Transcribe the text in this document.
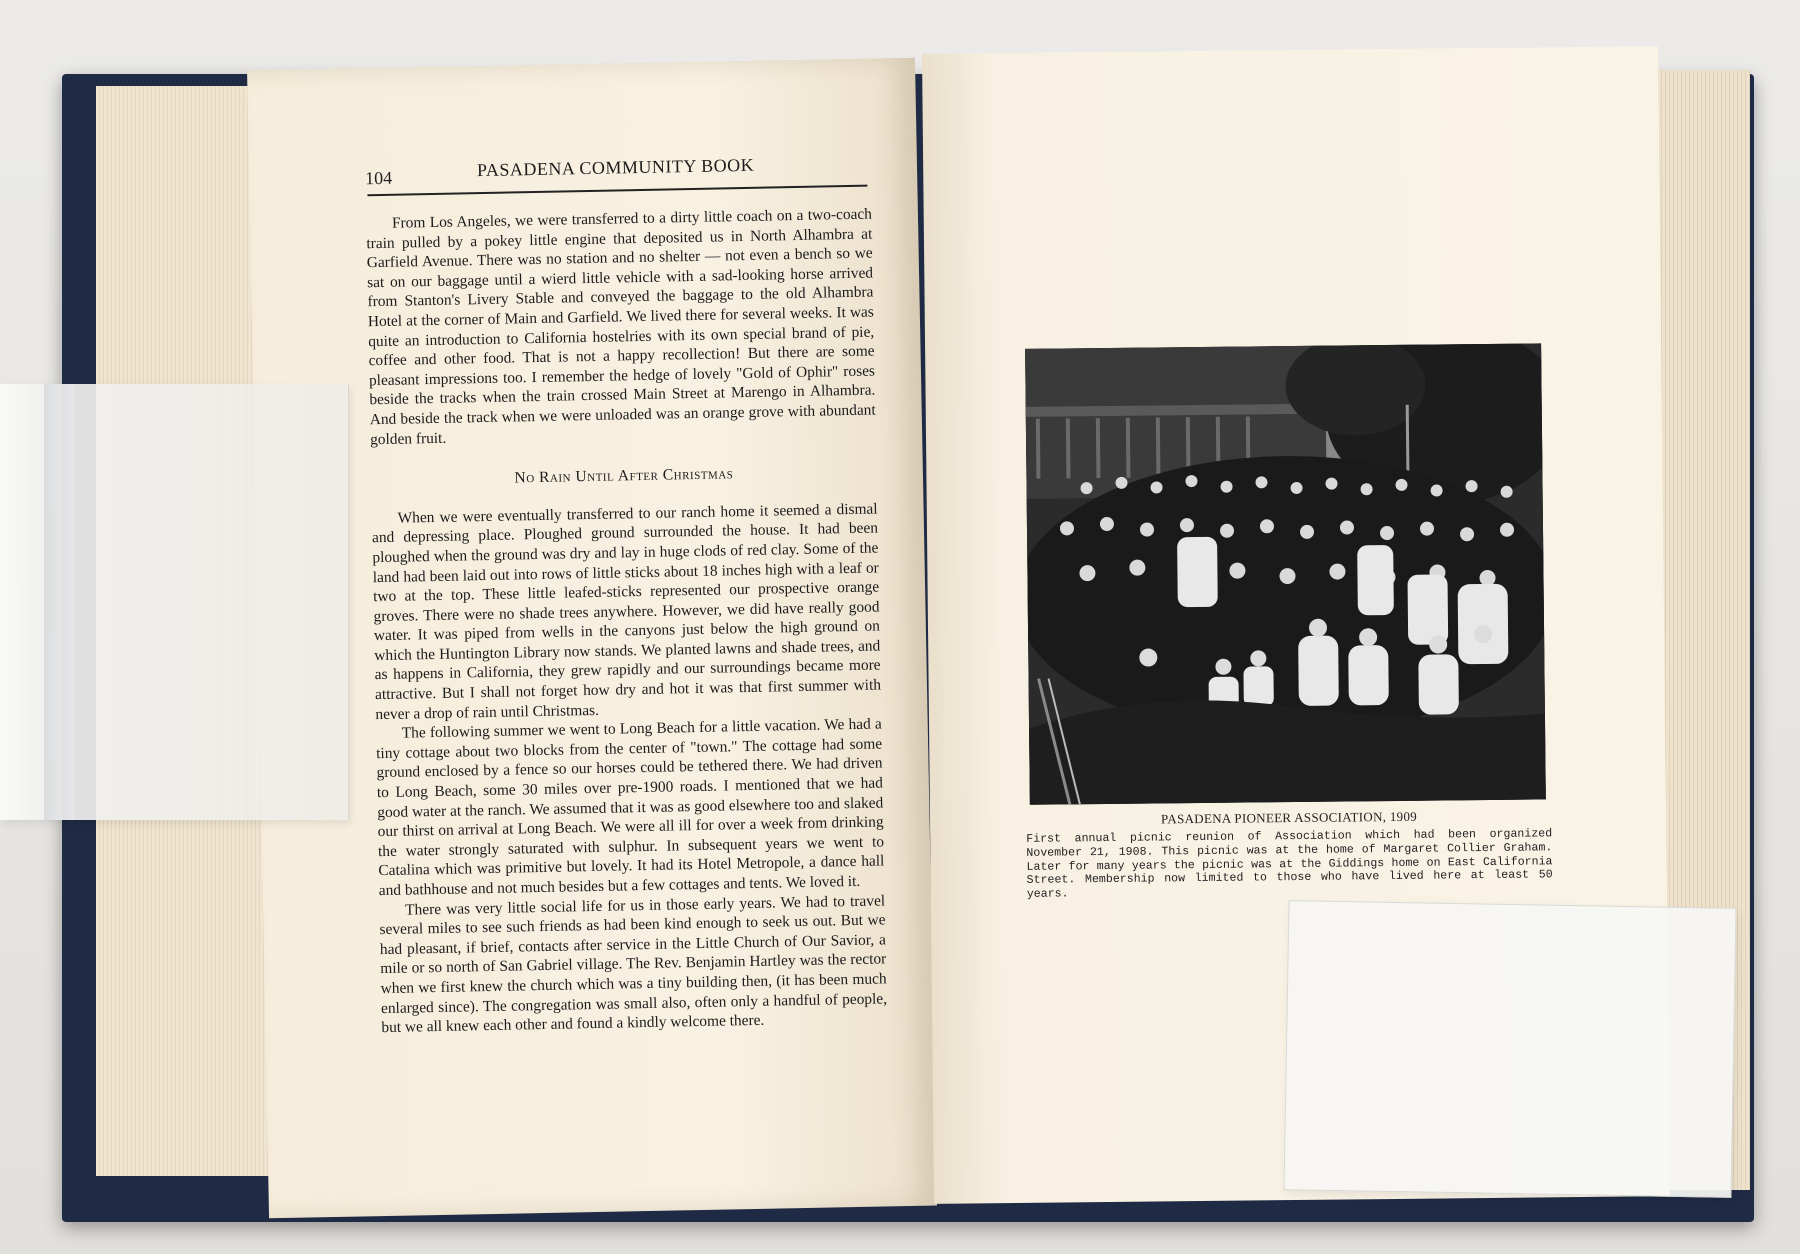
104	PASADENA COMMUNITY BOOK

From Los Angeles, we were transferred to a dirty little coach on a two-coach train pulled by a pokey little engine that deposited us in North Alhambra at Garfield Avenue. There was no station and no shelter — not even a bench so we sat on our baggage until a wierd little vehicle with a sad-looking horse arrived from Stanton's Livery Stable and conveyed the baggage to the old Alhambra Hotel at the corner of Main and Garfield. We lived there for several weeks. It was quite an introduction to California hostelries with its own special brand of pie, coffee and other food. That is not a happy recollection! But there are some pleasant impressions too. I remember the hedge of lovely "Gold of Ophir" roses beside the tracks when the train crossed Main Street at Marengo in Alhambra. And beside the track when we were unloaded was an orange grove with abundant golden fruit.

No Rain Until After Christmas

When we were eventually transferred to our ranch home it seemed a dismal and depressing place. Ploughed ground surrounded the house. It had been ploughed when the ground was dry and lay in huge clods of red clay. Some of the land had been laid out into rows of little sticks about 18 inches high with a leaf or two at the top. These little leafed-sticks represented our prospective orange groves. There were no shade trees anywhere. However, we did have really good water. It was piped from wells in the canyons just below the high ground on which the Huntington Library now stands. We planted lawns and shade trees, and as happens in California, they grew rapidly and our surroundings became more attractive. But I shall not forget how dry and hot it was that first summer with never a drop of rain until Christmas.

The following summer we went to Long Beach for a little vacation. We had a tiny cottage about two blocks from the center of "town." The cottage had some ground enclosed by a fence so our horses could be tethered there. We had driven to Long Beach, some 30 miles over pre-1900 roads. I mentioned that we had good water at the ranch. We assumed that it was as good elsewhere too and slaked our thirst on arrival at Long Beach. We were all ill for over a week from drinking the water strongly saturated with sulphur. In subsequent years we went to Catalina which was primitive but lovely. It had its Hotel Metropole, a dance hall and bathhouse and not much besides but a few cottages and tents. We loved it.

There was very little social life for us in those early years. We had to travel several miles to see such friends as had been kind enough to seek us out. But we had pleasant, if brief, contacts after service in the Little Church of Our Savior, a mile or so north of San Gabriel village. The Rev. Benjamin Hartley was the rector when we first knew the church which was a tiny building then, (it has been much enlarged since). The congregation was small also, often only a handful of people, but we all knew each other and found a kindly welcome there.

PASADENA PIONEER ASSOCIATION, 1909
First annual picnic reunion of Association which had been organized November 21, 1908. This picnic was at the home of Margaret Collier Graham. Later for many years the picnic was at the Giddings home on East California Street. Membership now limited to those who have lived here at least 50 years.
